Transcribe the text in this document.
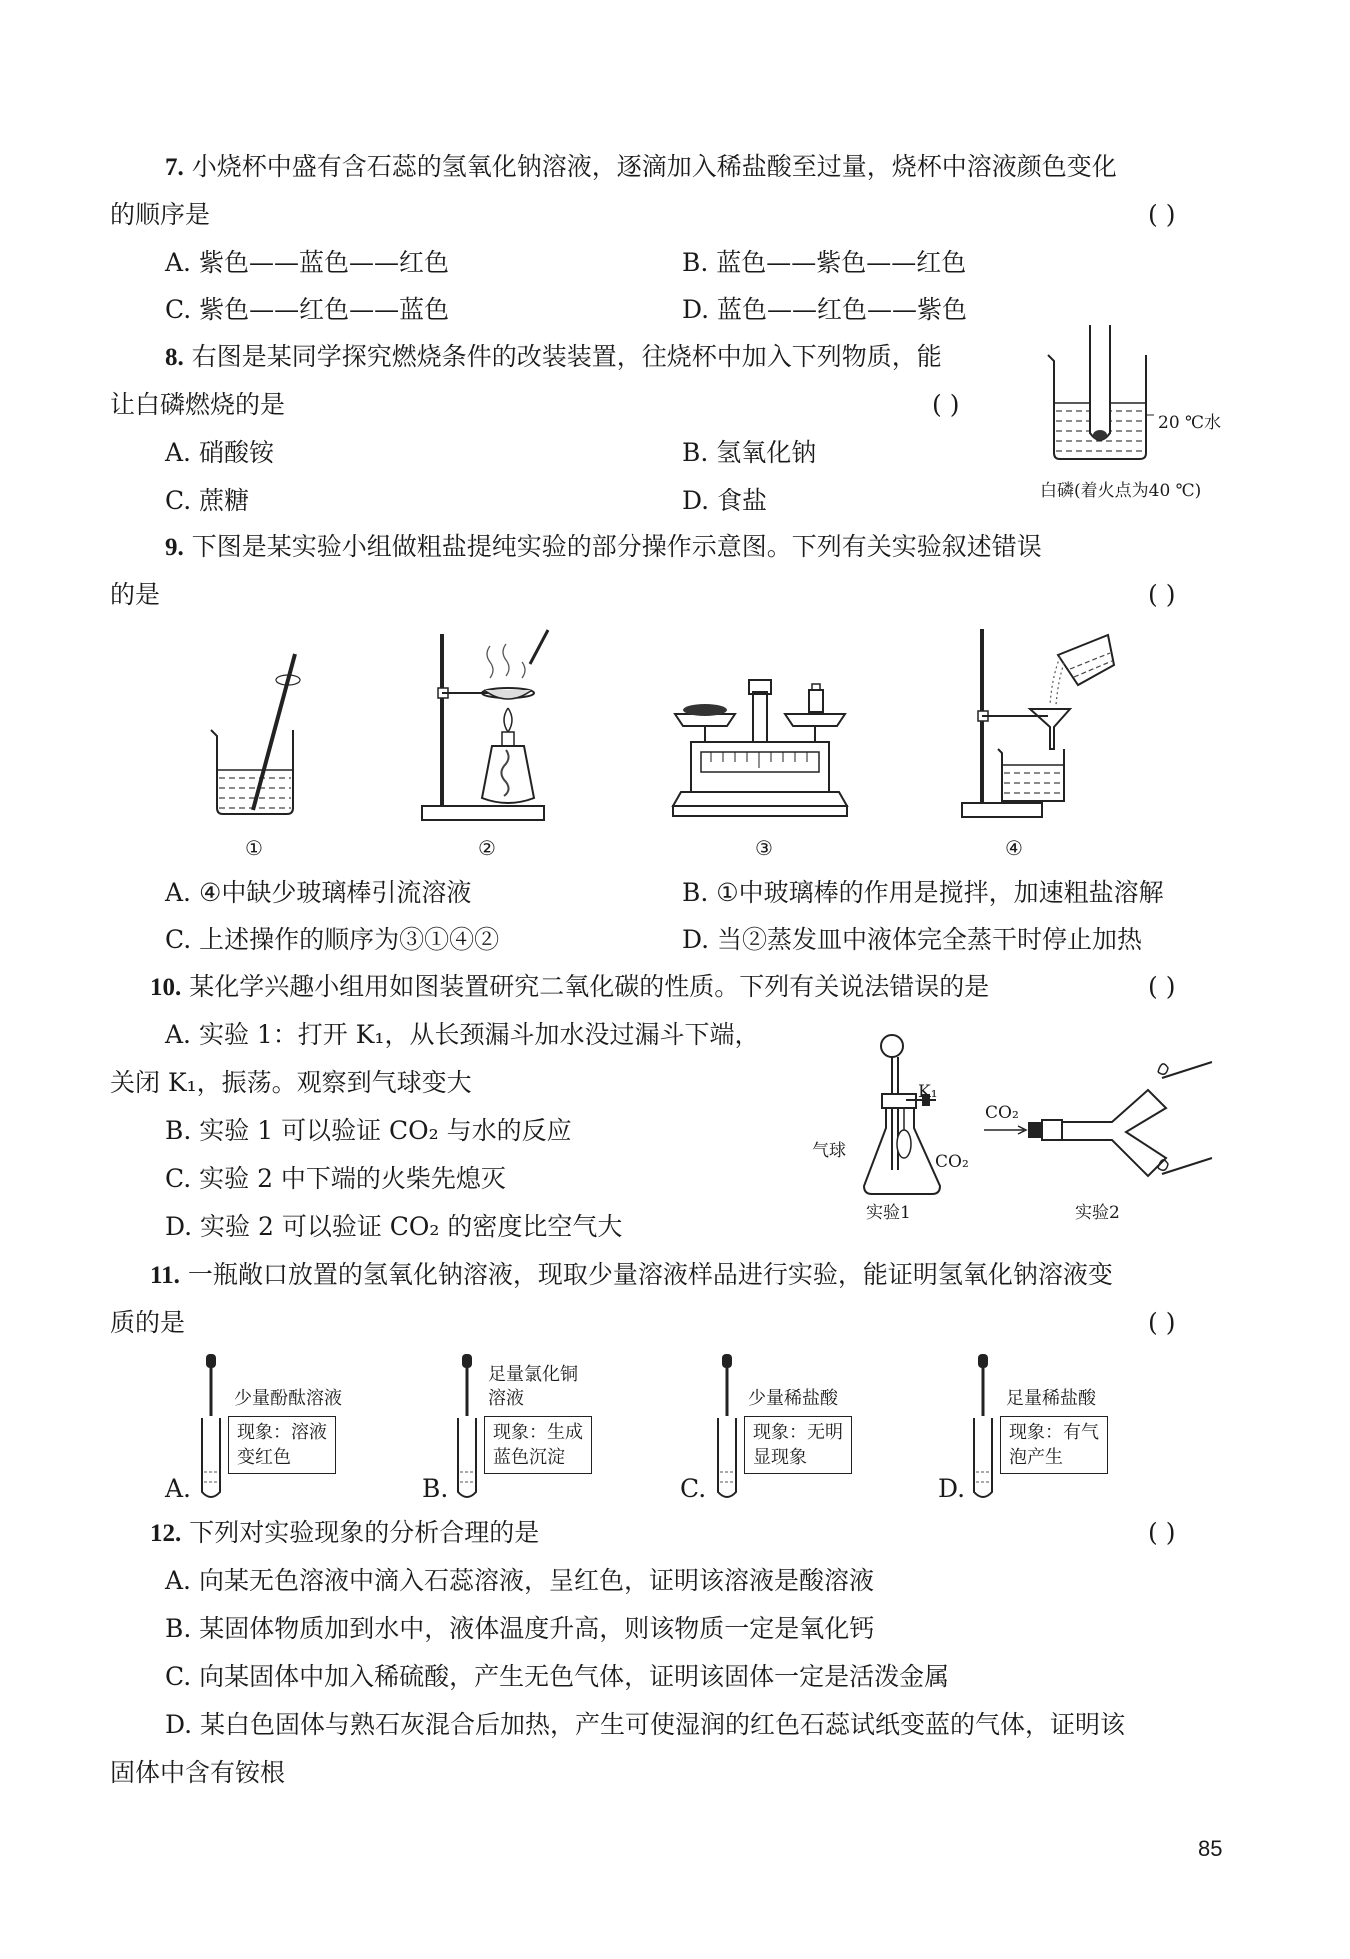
7. 小烧杯中盛有含石蕊的氢氧化钠溶液，逐滴加入稀盐酸至过量，烧杯中溶液颜色变化
的顺序是	( )
A. 紫色——蓝色——红色	B. 蓝色——紫色——红色
C. 紫色——红色——蓝色	D. 蓝色——红色——紫色
8. 右图是某同学探究燃烧条件的改装装置，往烧杯中加入下列物质，能
让白磷燃烧的是	( )
A. 硝酸铵	B. 氢氧化钠
C. 蔗糖	D. 食盐
20 ℃水
白磷(着火点为40 ℃)
9. 下图是某实验小组做粗盐提纯实验的部分操作示意图。下列有关实验叙述错误
的是	( )
①	②	③	④
A. ④中缺少玻璃棒引流溶液	B. ①中玻璃棒的作用是搅拌，加速粗盐溶解
C. 上述操作的顺序为③①④②	D. 当②蒸发皿中液体完全蒸干时停止加热
10. 某化学兴趣小组用如图装置研究二氧化碳的性质。下列有关说法错误的是	( )
A. 实验 1：打开 K₁，从长颈漏斗加水没过漏斗下端，
关闭 K₁，振荡。观察到气球变大
B. 实验 1 可以验证 CO₂ 与水的反应
C. 实验 2 中下端的火柴先熄灭
D. 实验 2 可以验证 CO₂ 的密度比空气大
K₁
气球
CO₂
实验1
CO₂
实验2
11. 一瓶敞口放置的氢氧化钠溶液，现取少量溶液样品进行实验，能证明氢氧化钠溶液变
质的是	( )
A.
少量酚酞溶液
现象：溶液
变红色
B.
足量氯化铜
溶液
现象：生成
蓝色沉淀
C.
少量稀盐酸
现象：无明
显现象
D.
足量稀盐酸
现象：有气
泡产生
12. 下列对实验现象的分析合理的是	( )
A. 向某无色溶液中滴入石蕊溶液，呈红色，证明该溶液是酸溶液
B. 某固体物质加到水中，液体温度升高，则该物质一定是氧化钙
C. 向某固体中加入稀硫酸，产生无色气体，证明该固体一定是活泼金属
D. 某白色固体与熟石灰混合后加热，产生可使湿润的红色石蕊试纸变蓝的气体，证明该
固体中含有铵根
85
